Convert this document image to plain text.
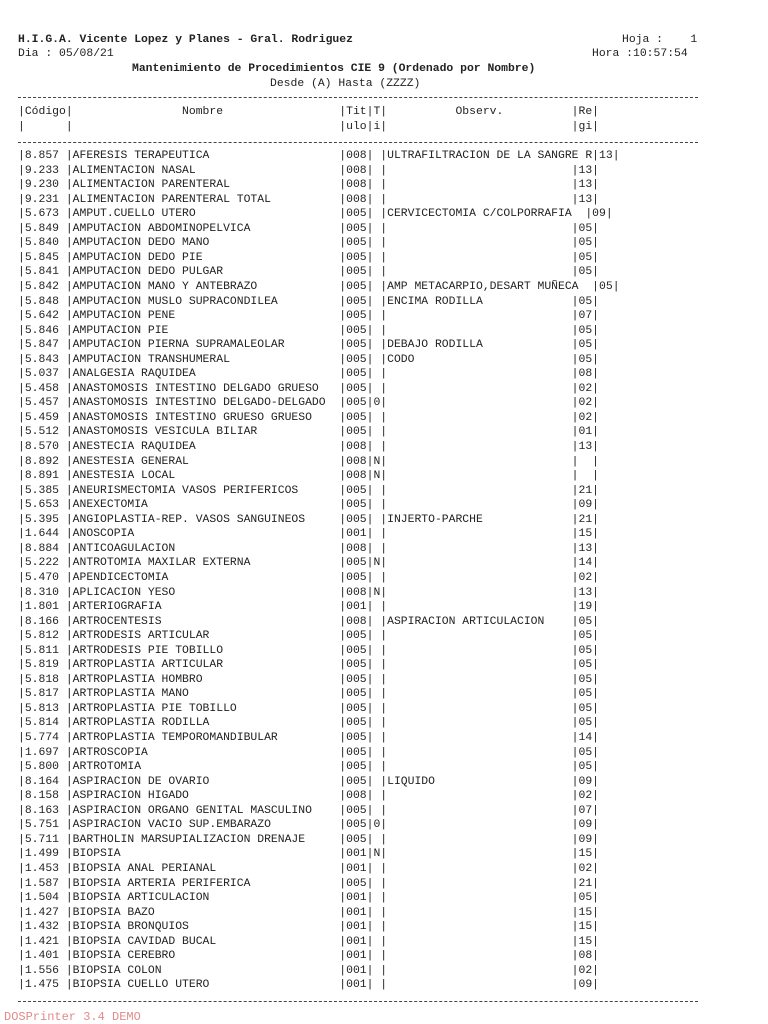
H.I.G.A. Vicente Lopez y Planes - Gral. Rodriguez	Hoja :    1
Dia : 05/08/21	Hora :10:57:54
Mantenimiento de Procedimientos CIE 9 (Ordenado por Nombre)
Desde (A) Hasta (ZZZZ)
|Código|                Nombre                 |Tit|T|          Observ.          |Re|
|      |                                       |ulo|i|                           |gi|
|8.857 |AFERESIS TERAPEUTICA                   |008| |ULTRAFILTRACION DE LA SANGRE R|13|
|9.233 |ALIMENTACION NASAL                     |008| |                           |13|
|9.230 |ALIMENTACION PARENTERAL                |008| |                           |13|
|9.231 |ALIMENTACION PARENTERAL TOTAL          |008| |                           |13|
|5.673 |AMPUT.CUELLO UTERO                     |005| |CERVICECTOMIA C/COLPORRAFIA  |09|
|5.849 |AMPUTACION ABDOMINOPELVICA             |005| |                           |05|
|5.840 |AMPUTACION DEDO MANO                   |005| |                           |05|
|5.845 |AMPUTACION DEDO PIE                    |005| |                           |05|
|5.841 |AMPUTACION DEDO PULGAR                 |005| |                           |05|
|5.842 |AMPUTACION MANO Y ANTEBRAZO            |005| |AMP METACARPIO,DESART MUÑECA  |05|
|5.848 |AMPUTACION MUSLO SUPRACONDILEA         |005| |ENCIMA RODILLA             |05|
|5.642 |AMPUTACION PENE                        |005| |                           |07|
|5.846 |AMPUTACION PIE                         |005| |                           |05|
|5.847 |AMPUTACION PIERNA SUPRAMALEOLAR        |005| |DEBAJO RODILLA             |05|
|5.843 |AMPUTACION TRANSHUMERAL                |005| |CODO                       |05|
|5.037 |ANALGESIA RAQUIDEA                     |005| |                           |08|
|5.458 |ANASTOMOSIS INTESTINO DELGADO GRUESO   |005| |                           |02|
|5.457 |ANASTOMOSIS INTESTINO DELGADO-DELGADO  |005|0|                           |02|
|5.459 |ANASTOMOSIS INTESTINO GRUESO GRUESO    |005| |                           |02|
|5.512 |ANASTOMOSIS VESICULA BILIAR            |005| |                           |01|
|8.570 |ANESTECIA RAQUIDEA                     |008| |                           |13|
|8.892 |ANESTESIA GENERAL                      |008|N|                           |  |
|8.891 |ANESTESIA LOCAL                        |008|N|                           |  |
|5.385 |ANEURISMECTOMIA VASOS PERIFERICOS      |005| |                           |21|
|5.653 |ANEXECTOMIA                            |005| |                           |09|
|5.395 |ANGIOPLASTIA-REP. VASOS SANGUINEOS     |005| |INJERTO-PARCHE             |21|
|1.644 |ANOSCOPIA                              |001| |                           |15|
|8.884 |ANTICOAGULACION                        |008| |                           |13|
|5.222 |ANTROTOMIA MAXILAR EXTERNA             |005|N|                           |14|
|5.470 |APENDICECTOMIA                         |005| |                           |02|
|8.310 |APLICACION YESO                        |008|N|                           |13|
|1.801 |ARTERIOGRAFIA                          |001| |                           |19|
|8.166 |ARTROCENTESIS                          |008| |ASPIRACION ARTICULACION    |05|
|5.812 |ARTRODESIS ARTICULAR                   |005| |                           |05|
|5.811 |ARTRODESIS PIE TOBILLO                 |005| |                           |05|
|5.819 |ARTROPLASTIA ARTICULAR                 |005| |                           |05|
|5.818 |ARTROPLASTIA HOMBRO                    |005| |                           |05|
|5.817 |ARTROPLASTIA MANO                      |005| |                           |05|
|5.813 |ARTROPLASTIA PIE TOBILLO               |005| |                           |05|
|5.814 |ARTROPLASTIA RODILLA                   |005| |                           |05|
|5.774 |ARTROPLASTIA TEMPOROMANDIBULAR         |005| |                           |14|
|1.697 |ARTROSCOPIA                            |005| |                           |05|
|5.800 |ARTROTOMIA                             |005| |                           |05|
|8.164 |ASPIRACION DE OVARIO                   |005| |LIQUIDO                    |09|
|8.158 |ASPIRACION HIGADO                      |008| |                           |02|
|8.163 |ASPIRACION ORGANO GENITAL MASCULINO    |005| |                           |07|
|5.751 |ASPIRACION VACIO SUP.EMBARAZO          |005|0|                           |09|
|5.711 |BARTHOLIN MARSUPIALIZACION DRENAJE     |005| |                           |09|
|1.499 |BIOPSIA                                |001|N|                           |15|
|1.453 |BIOPSIA ANAL PERIANAL                  |001| |                           |02|
|1.587 |BIOPSIA ARTERIA PERIFERICA             |005| |                           |21|
|1.504 |BIOPSIA ARTICULACION                   |001| |                           |05|
|1.427 |BIOPSIA BAZO                           |001| |                           |15|
|1.432 |BIOPSIA BRONQUIOS                      |001| |                           |15|
|1.421 |BIOPSIA CAVIDAD BUCAL                  |001| |                           |15|
|1.401 |BIOPSIA CEREBRO                        |001| |                           |08|
|1.556 |BIOPSIA COLON                          |001| |                           |02|
|1.475 |BIOPSIA CUELLO UTERO                   |001| |                           |09|
DOSPrinter 3.4 DEMO
